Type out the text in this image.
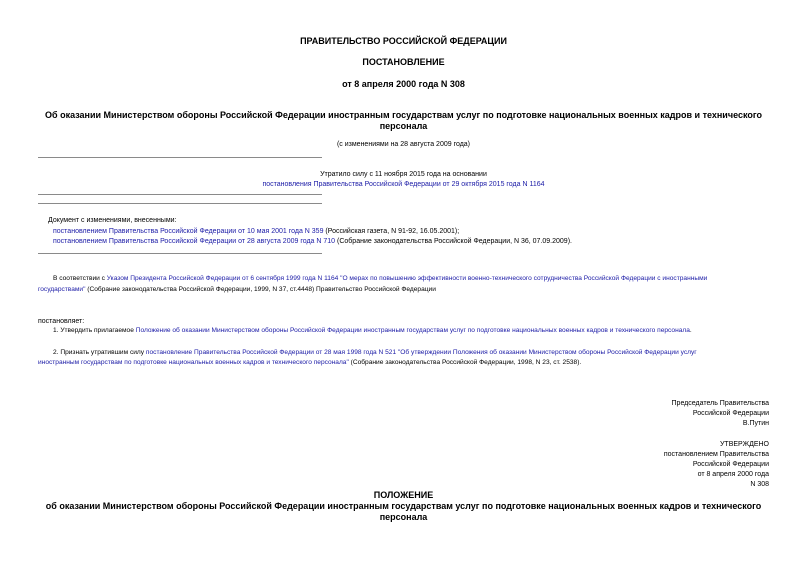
ПРАВИТЕЛЬСТВО РОССИЙСКОЙ ФЕДЕРАЦИИ
ПОСТАНОВЛЕНИЕ
от 8 апреля 2000 года N 308
Об оказании Министерством обороны Российской Федерации иностранным государствам услуг по подготовке национальных военных кадров и технического
персонала
(с изменениями на 28 августа 2009 года)
Утратило силу с 11 ноября 2015 года на основании
постановления Правительства Российской Федерации от 29 октября 2015 года N 1164
Документ с изменениями, внесенными:
постановлением Правительства Российской Федерации от 10 мая 2001 года N 359 (Российская газета, N 91-92, 16.05.2001);
постановлением Правительства Российской Федерации от 28 августа 2009 года N 710 (Собрание законодательства Российской Федерации, N 36, 07.09.2009).
В соответствии с Указом Президента Российской Федерации от 6 сентября 1999 года N 1164 "О мерах по повышению эффективности военно-технического сотрудничества Российской Федерации с иностранными
государствами" (Собрание законодательства Российской Федерации, 1999, N 37, ст.4448) Правительство Российской Федерации
постановляет:
1. Утвердить прилагаемое Положение об оказании Министерством обороны Российской Федерации иностранным государствам услуг по подготовке национальных военных кадров и технического персонала.
2. Признать утратившим силу постановление Правительства Российской Федерации от 28 мая 1998 года N 521 "Об утверждении Положения об оказании Министерством обороны Российской Федерации услуг
иностранным государствам по подготовке национальных военных кадров и технического персонала" (Собрание законодательства Российской Федерации, 1998, N 23, ст. 2538).
Председатель Правительства
Российской Федерации
В.Путин
УТВЕРЖДЕНО
постановлением Правительства
Российской Федерации
от 8 апреля 2000 года
N 308
ПОЛОЖЕНИЕ
об оказании Министерством обороны Российской Федерации иностранным государствам услуг по подготовке национальных военных кадров и технического
персонала
